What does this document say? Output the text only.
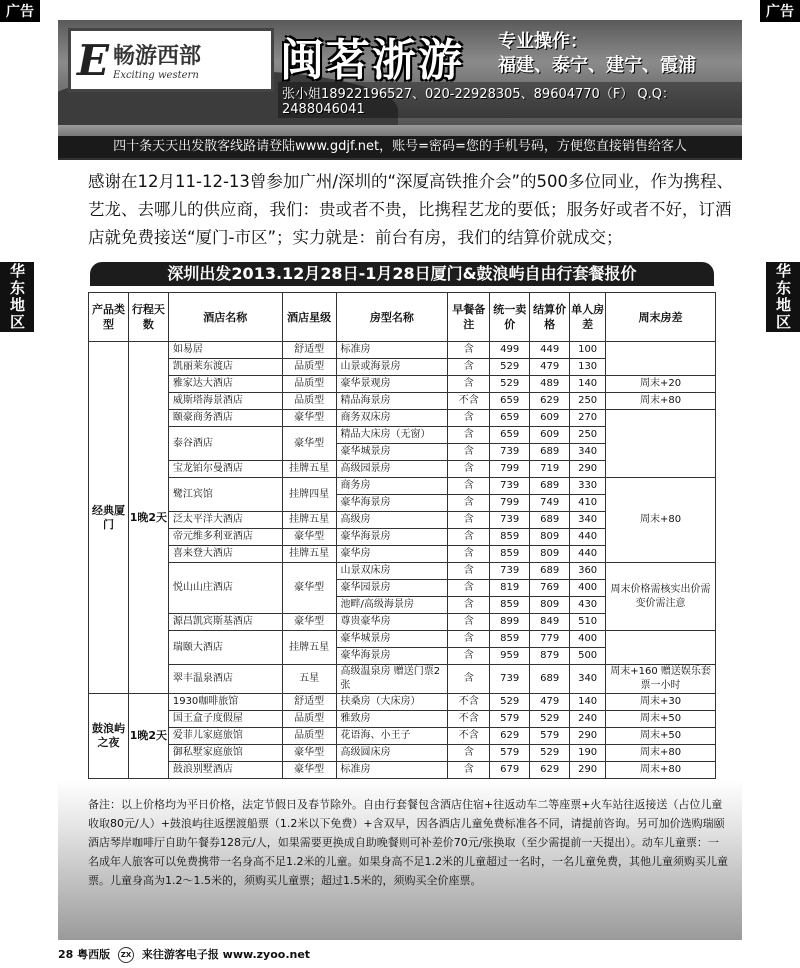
广告	广告
E 畅游西部
Exciting western 闽茗浙游 专业操作：
福建、泰宁、建宁、霞浦
张小姐18922196527、020-22928305、89604770（F） Q.Q：2488046041
四十条天天出发散客线路请登陆www.gdjf.net，账号=密码=您的手机号码，方便您直接销售给客人
感谢在12月11-12-13曾参加广州/深圳的“深厦高铁推介会”的500多位同业，作为携程、艺龙、去哪儿的供应商，我们：贵或者不贵，比携程艺龙的要低；服务好或者不好，订酒店就免费接送“厦门-市区”；实力就是：前台有房，我们的结算价就成交；
华东地区	华东地区
深圳出发2013.12月28日-1月28日厦门&鼓浪屿自由行套餐报价
产品类型	行程天数	酒店名称	酒店星级	房型名称	早餐备注	统一卖价	结算价格	单人房差	周末房差
经典厦门	1晚2天	如易居	舒适型	标准房	含	499	449	100	
		凯丽莱东渡店	品质型	山景或海景房	含	529	479	130	
		雅家达大酒店	品质型	豪华景观房	含	529	489	140	周末+20
		威斯塔海景酒店	品质型	精品海景房	不含	659	629	250	周末+80
		颐豪商务酒店	豪华型	商务双床房	含	659	609	270	
		泰谷酒店	豪华型	精品大床房（无窗）	含	659	609	250	
				豪华城景房	含	739	689	340	
		宝龙铂尔曼酒店	挂牌五星	高级园景房	含	799	719	290	
		鹭江宾馆	挂牌四星	商务房	含	739	689	330	周末+80
				豪华海景房	含	799	749	410	
		泛太平洋大酒店	挂牌五星	高级房	含	739	689	340	
		帝元维多利亚酒店	豪华型	豪华海景房	含	859	809	440	
		喜来登大酒店	挂牌五星	豪华房	含	859	809	440	
		悦山山庄酒店	豪华型	山景双床房	含	739	689	360	周末价格需核实出价需变价需注意
				豪华园景房	含	819	769	400	
				池畔/高级海景房	含	859	809	430	
		源昌凯宾斯基酒店	豪华型	尊贵豪华房	含	899	849	510	
		瑞颐大酒店	挂牌五星	豪华城景房	含	859	779	400	
				豪华海景房	含	959	879	500	
		翠丰温泉酒店	五星	高级温泉房 赠送门票2张	含	739	689	340	周末+160 赠送娱乐套票一小时
鼓浪屿之夜	1晚2天	1930咖啡旅馆	舒适型	扶桑房（大床房）	不含	529	479	140	周末+30
		国王盒子度假屋	品质型	雅致房	不含	579	529	240	周末+50
		爱菲儿家庭旅馆	品质型	花语海、小王子	不含	629	579	290	周末+50
		御私墅家庭旅馆	豪华型	高级圆床房	含	579	529	190	周末+80
		鼓浪别墅酒店	豪华型	标准房	含	679	629	290	周末+80
备注：以上价格均为平日价格，法定节假日及春节除外。自由行套餐包含酒店住宿+往返动车二等座票+火车站往返接送（占位儿童收取80元/人）+鼓浪屿往返摆渡船票（1.2米以下免费）+含双早，因各酒店儿童免费标准各不同，请提前咨询。另可加价选购瑞颐酒店琴岸咖啡厅自助午餐券128元/人，如果需要更换成自助晚餐则可补差价70元/张换取（至少需提前一天提出）。动车儿童票：一名成年人旅客可以免费携带一名身高不足1.2米的儿童。如果身高不足1.2米的儿童超过一名时，一名儿童免费，其他儿童须购买儿童票。儿童身高为1.2～1.5米的，须购买儿童票；超过1.5米的，须购买全价座票。
28 粤西版 ZX 来往游客电子报 www.zyoo.net
